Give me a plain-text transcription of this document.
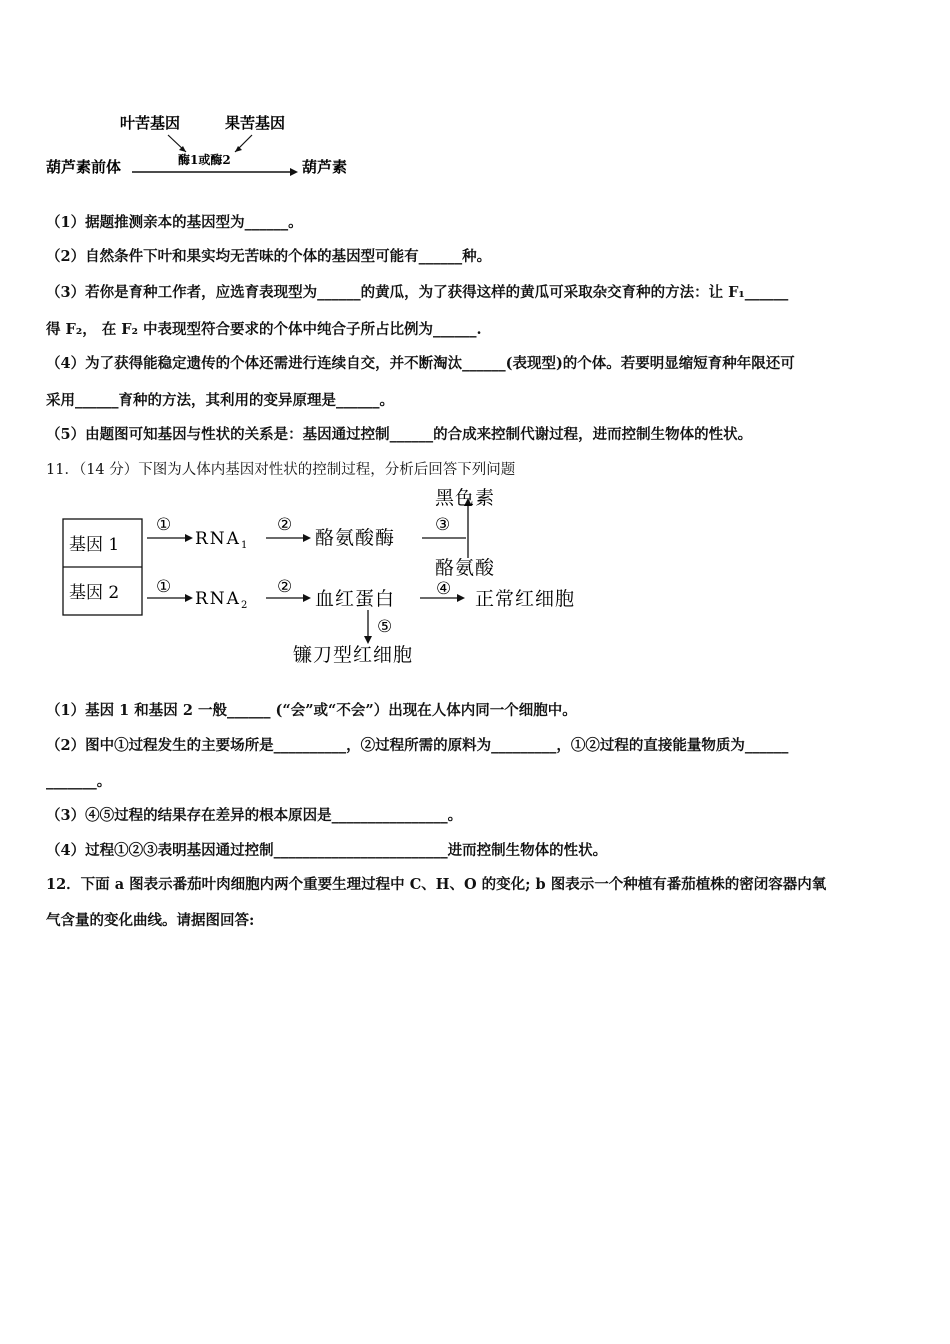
叶苦基因	果苦基因
酶1或酶2
葫芦素前体	葫芦素
（1）据题推测亲本的基因型为______。
（2）自然条件下叶和果实均无苦味的个体的基因型可能有______种。
（3）若你是育种工作者，应选育表现型为______的黄瓜，为了获得这样的黄瓜可采取杂交育种的方法：让 F₁______
得 F₂， 在 F₂ 中表现型符合要求的个体中纯合子所占比例为______.
（4）为了获得能稳定遗传的个体还需进行连续自交，并不断淘汰______(表现型)的个体。若要明显缩短育种年限还可
采用______育种的方法，其利用的变异原理是______。
（5）由题图可知基因与性状的关系是：基因通过控制______的合成来控制代谢过程，进而控制生物体的性状。
11．（14 分）下图为人体内基因对性状的控制过程，分析后回答下列问题
基因 1
基因 2
①
$RNA_1$
②
酪氨酸酶
③
黑色素
酪氨酸
①
$RNA_2$
②
血红蛋白 ④ 正常红细胞
⑤
镰刀型红细胞
（1）基因 1 和基因 2 一般______ (“会”或“不会”）出现在人体内同一个细胞中。
（2）图中①过程发生的主要场所是__________，②过程所需的原料为_________，①②过程的直接能量物质为______
_______。
（3）④⑤过程的结果存在差异的根本原因是________________。
（4）过程①②③表明基因通过控制________________________进而控制生物体的性状。
12．下面 a 图表示番茄叶肉细胞内两个重要生理过程中 C、H、O 的变化; b 图表示一个种植有番茄植株的密闭容器内氧
气含量的变化曲线。请据图回答:
